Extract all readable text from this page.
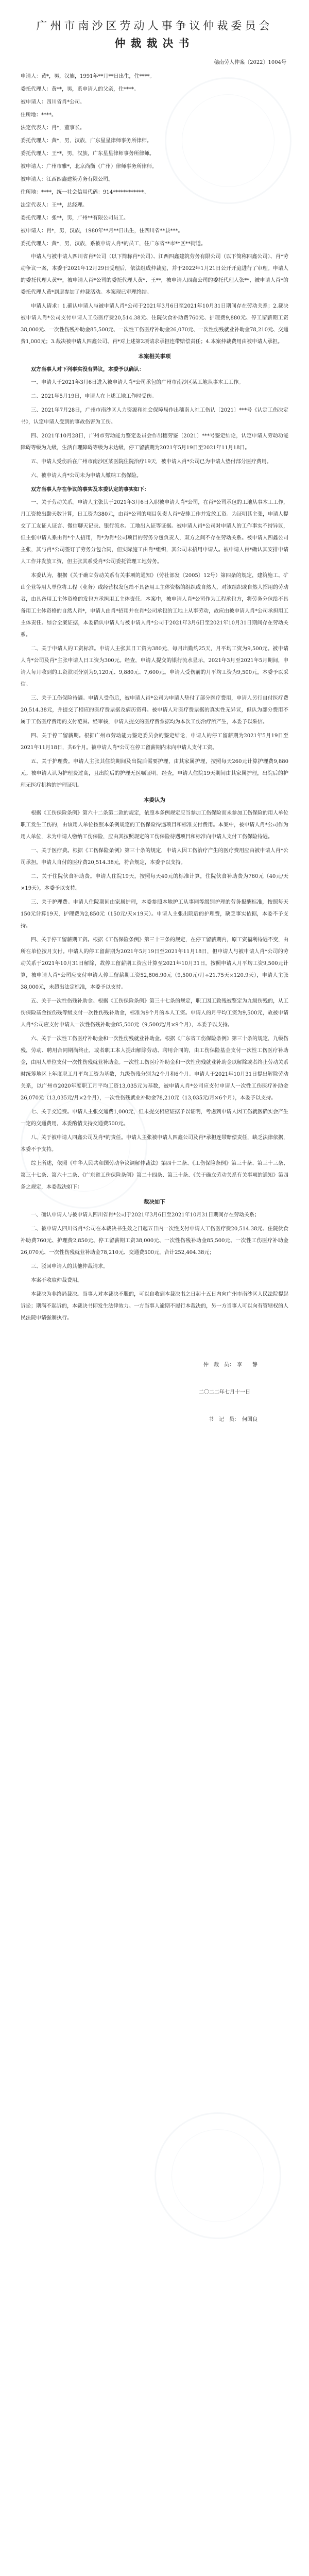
广州市南沙区劳动人事争议仲裁委员会
仲裁裁决书
穗南劳人仲案〔2022〕1004号

申请人：黄*，男，汉族，1991年**月**日出生，住****。

委托代理人：黄**，男，系申请人的父亲，住****。

被申请人：四川省肖*公司。

住所地：****。

法定代表人：肖*，董事长。

委托代理人：黄*，男，汉族，广东星星律师事务所律师。

委托代理人：王**，男，汉族，广东星星律师事务所律师。

被申请人：广州市雅*，北京尚衡（广州）律师事务所律师。

被申请人：江西四鑫建筑劳务有限公司。

住所地：****，统一社会信用代码：914************。

法定代表人：王**，总经理。

委托代理人：张**，男，广州**有限公司员工。

被申请人：肖*，男，汉族，1980年**月**日出生，住四川省**县***。

委托代理人：黄*，男，汉族，系被申请人肖*的员工，住广东省**市**区**街道。

申请人与被申请人四川省肖*公司（以下简称肖*公司）、江西四鑫建筑劳务有限公司（以下简称四鑫公司）、肖*劳动争议一案，本委于2021年12月29日受理后，依法组成仲裁庭，并于2022年1月21日公开开庭进行了审理。申请人的委托代理人黄**，被申请人肖*公司的委托代理人黄*、王**，被申请人四鑫公司的委托代理人张**，被申请人肖*的委托代理人黄*到庭参加了仲裁活动。本案现已审理终结。

申请人请求：1.确认申请人与被申请人肖*公司于2021年3月6日至2021年10月31日期间存在劳动关系；2.裁决被申请人肖*公司支付申请人工伤医疗费20,514.38元、住院伙食补助费760元、护理费9,880元、停工留薪期工资38,000元、一次性伤残补助金85,500元、一次性工伤医疗补助金26,070元、一次性伤残就业补助金78,210元、交通费1,000元；3.裁决被申请人四鑫公司、肖*对上述第2项请求承担连带赔偿责任；4.本案仲裁费用由被申请人承担。

本案相关事项
双方当事人对下列事实没有异议，本委予以确认：

一、申请人于2021年3月6日进入被申请人肖*公司承包的广州市南沙区某工地从事木工工作。

二、2021年5月19日，申请人在上述工地工作时受伤。

三、2021年7月28日，广州市南沙区人力资源和社会保障局作出穗南人社工伤认〔2021〕***号《认定工伤决定书》，认定申请人受到的事故伤害为工伤。

四、2021年10月28日，广州市劳动能力鉴定委员会作出穗劳鉴〔2021〕***号鉴定结论，认定申请人劳动功能障碍等级为九级，生活自理障碍等级为未达级，停工留薪期为2021年5月19日至2021年11月18日。

五、申请人受伤后在广州市南沙区某医院住院治疗19天，被申请人肖*公司已为申请人垫付部分医疗费用。

六、被申请人肖*公司未为申请人缴纳工伤保险。

双方当事人存在争议的事实及本委认定的事实如下：

一、关于劳动关系。申请人主张其于2021年3月6日入职被申请人肖*公司，在肖*公司承包的工地从事木工工作，月工资按出勤天数计算，日工资为380元，由肖*公司的项目负责人肖*安排工作并发放工资。为证明其主张，申请人提交了工友证人证言、微信聊天记录、银行流水、工地出入证等证据。被申请人肖*公司对申请人的工作事实不持异议，但主张申请人系由肖*个人招用，肖*为肖*公司项目的劳务分包负责人，双方之间不存在劳动关系。被申请人四鑫公司主张，其与肖*公司签订了劳务分包合同，但实际施工由肖*组织，其公司未招用申请人。被申请人肖*确认其安排申请人工作并发放工资，但主张其系受肖*公司委托管理工地劳务。

本委认为，根据《关于确立劳动关系有关事项的通知》（劳社部发〔2005〕12号）第四条的规定，建筑施工、矿山企业等用人单位将工程（业务）或经营权发包给不具备用工主体资格的组织或自然人，对该组织或自然人招用的劳动者，由具备用工主体资格的发包方承担用工主体责任。本案中，被申请人肖*公司作为工程承包方，将劳务分包给不具备用工主体资格的自然人肖*，申请人由肖*招用并在肖*公司承包的工地上从事劳动，故应由被申请人肖*公司承担用工主体责任。综合全案证据，本委确认申请人与被申请人肖*公司于2021年3月6日至2021年10月31日期间存在劳动关系。

二、关于申请人的工资标准。申请人主张其日工资为380元，每月出勤约25天，月平均工资为9,500元。被申请人肖*公司及肖*主张申请人日工资为300元。经查，申请人提交的银行流水显示，2021年3月至2021年5月期间，申请人每月收到的工资款项分别为9,120元、9,880元、7,600元。申请人受伤前的月平均工资为9,500元，本委予以采信。

三、关于工伤保险待遇。申请人受伤后，被申请人肖*公司为申请人垫付了部分医疗费用，申请人另行自付医疗费20,514.38元，并提交了相应的医疗费票据及病历资料。被申请人对医疗费票据的真实性无异议，但认为部分费用不属于工伤医疗费用的支付范围。经审核，申请人提交的医疗费票据均为本次工伤治疗所产生，本委予以采信。

四、关于停工留薪期。根据广州市劳动能力鉴定委员会的鉴定结论，申请人的停工留薪期为2021年5月19日至2021年11月18日，共6个月。被申请人肖*公司在停工留薪期内未向申请人支付工资。

五、关于护理费。申请人主张其住院期间及出院后需要护理，由其家属护理，按照每天260元计算护理费9,880元。被申请人认为护理费过高，且出院后的护理无医嘱证明。经查，申请人住院19天期间由其家属护理，出院后的护理无医疗机构的护理证明。

本委认为

根据《工伤保险条例》第六十二条第二款的规定，依照本条例规定应当参加工伤保险而未参加工伤保险的用人单位职工发生工伤的，由该用人单位按照本条例规定的工伤保险待遇项目和标准支付费用。本案中，被申请人肖*公司作为用人单位，未为申请人缴纳工伤保险，应由其按照规定的工伤保险待遇项目和标准向申请人支付工伤保险待遇。

一、关于医疗费。根据《工伤保险条例》第三十条的规定，申请人因工伤治疗产生的医疗费用应由被申请人肖*公司承担。申请人自付的医疗费20,514.38元，符合规定，本委予以支持。

二、关于住院伙食补助费。申请人住院19天，按照每天40元的标准计算，住院伙食补助费为760元（40元/天×19天），本委予以支持。

三、关于护理费。申请人住院期间由家属护理，本委参照本地护工从事同等级别护理的劳务报酬标准，按照每天150元计算19天，护理费为2,850元（150元/天×19天）。申请人主张出院后的护理费，缺乏事实依据，本委不予支持。

四、关于停工留薪期工资。根据《工伤保险条例》第三十三条的规定，在停工留薪期内，原工资福利待遇不变，由所在单位按月支付。申请人的停工留薪期为2021年5月19日至2021年11月18日，但申请人与被申请人肖*公司的劳动关系于2021年10月31日解除，故停工留薪期工资应计算至2021年10月31日。按照申请人月平均工资9,500元计算，被申请人肖*公司应支付申请人停工留薪期工资52,806.90元（9,500元/月÷21.75天×120.9天），申请人主张38,000元，未超出法定标准，本委予以支持。

五、关于一次性伤残补助金。根据《工伤保险条例》第三十七条的规定，职工因工致残被鉴定为九级伤残的，从工伤保险基金按伤残等级支付一次性伤残补助金，标准为9个月的本人工资。申请人的月平均工资为9,500元，故被申请人肖*公司应支付申请人一次性伤残补助金85,500元（9,500元/月×9个月），本委予以支持。

六、关于一次性工伤医疗补助金和一次性伤残就业补助金。根据《广东省工伤保险条例》第三十条的规定，九级伤残，劳动、聘用合同期满终止，或者职工本人提出解除劳动、聘用合同的，由工伤保险基金支付一次性工伤医疗补助金，由用人单位支付一次性伤残就业补助金。一次性工伤医疗补助金和一次性伤残就业补助金以解除或者终止劳动关系时统筹地区上年度职工月平均工资为基数，九级伤残分别为2个月和6个月。申请人于2021年10月31日提出解除劳动关系，以广州市2020年度职工月平均工资13,035元为基数，被申请人肖*公司应支付申请人一次性工伤医疗补助金26,070元（13,035元/月×2个月），一次性伤残就业补助金78,210元（13,035元/月×6个月），本委予以支持。

七、关于交通费。申请人主张交通费1,000元，但未提交相应证据予以证明，考虑到申请人因工伤就医确实会产生一定的交通费用，本委酌情支持交通费500元。

八、关于被申请人四鑫公司及肖*的责任。申请人主张被申请人四鑫公司及肖*承担连带赔偿责任，缺乏法律依据，本委不予支持。

综上所述，依照《中华人民共和国劳动争议调解仲裁法》第四十二条、《工伤保险条例》第三十条、第三十三条、第三十七条、第六十二条、《广东省工伤保险条例》第二十四条、第三十条、《关于确立劳动关系有关事项的通知》第四条之规定，本委裁决如下：

裁决如下

一、确认申请人与被申请人四川省肖*公司于2021年3月6日至2021年10月31日期间存在劳动关系；

二、被申请人四川省肖*公司在本裁决书生效之日起五日内一次性支付申请人工伤医疗费20,514.38元、住院伙食补助费760元、护理费2,850元、停工留薪期工资38,000元、一次性伤残补助金85,500元、一次性工伤医疗补助金26,070元、一次性伤残就业补助金78,210元、交通费500元，合计252,404.38元；

三、驳回申请人的其他仲裁请求。

本案不收取仲裁费用。

本裁决为非终局裁决。当事人对本裁决不服的，可以自收到本裁决书之日起十五日内向广州市南沙区人民法院提起诉讼；期满不起诉的，本裁决书即发生法律效力。一方当事人逾期不履行本裁决的，另一方当事人可以向有管辖权的人民法院申请强制执行。

仲　裁　员：　李　　静

二〇二二年七月十一日

书　记　员：　何国良
